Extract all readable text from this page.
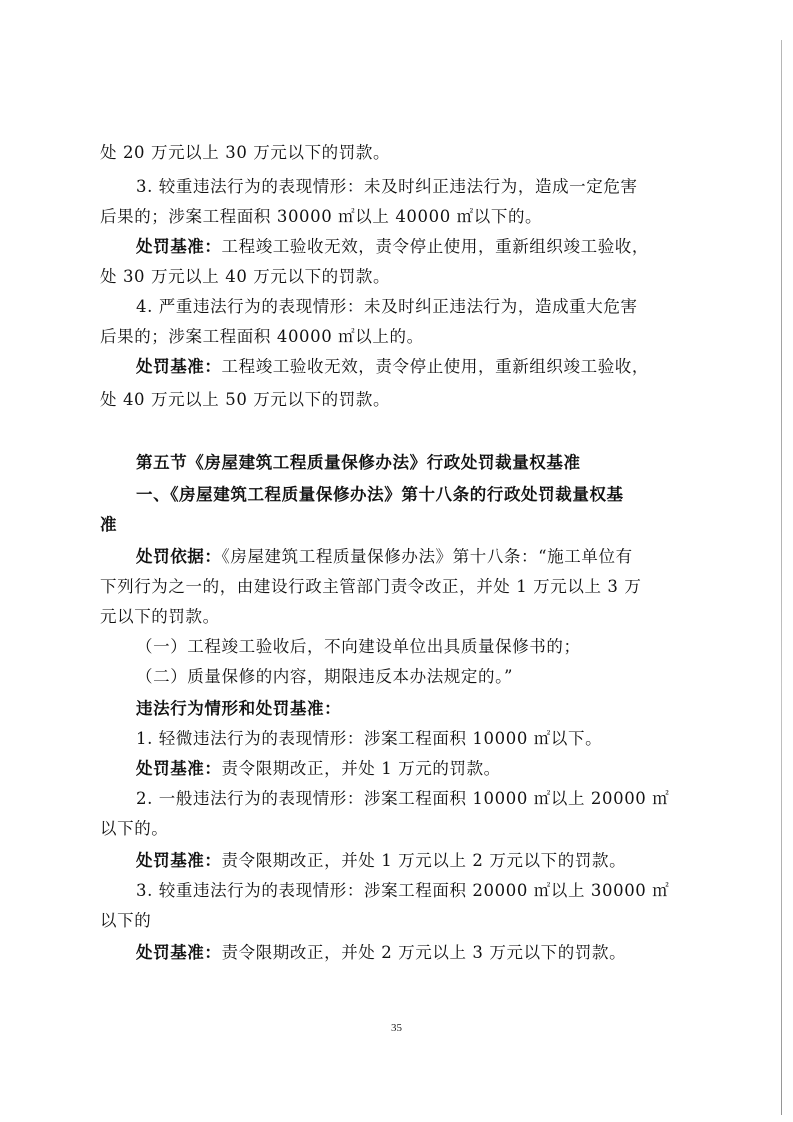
处 20 万元以上 30 万元以下的罚款。
3. 较重违法行为的表现情形：未及时纠正违法行为，造成一定危害
后果的；涉案工程面积 30000 ㎡以上 40000 ㎡以下的。
处罚基准：工程竣工验收无效，责令停止使用，重新组织竣工验收，
处 30 万元以上 40 万元以下的罚款。
4. 严重违法行为的表现情形：未及时纠正违法行为，造成重大危害
后果的；涉案工程面积 40000 ㎡以上的。
处罚基准：工程竣工验收无效，责令停止使用，重新组织竣工验收，
处 40 万元以上 50 万元以下的罚款。
第五节《房屋建筑工程质量保修办法》行政处罚裁量权基准
一、《房屋建筑工程质量保修办法》第十八条的行政处罚裁量权基
准
处罚依据：《房屋建筑工程质量保修办法》第十八条：“施工单位有
下列行为之一的，由建设行政主管部门责令改正，并处 1 万元以上 3 万
元以下的罚款。
（一）工程竣工验收后，不向建设单位出具质量保修书的；
（二）质量保修的内容，期限违反本办法规定的。”
违法行为情形和处罚基准：
1. 轻微违法行为的表现情形：涉案工程面积 10000 ㎡以下。
处罚基准：责令限期改正，并处 1 万元的罚款。
2. 一般违法行为的表现情形：涉案工程面积 10000 ㎡以上 20000 ㎡
以下的。
处罚基准：责令限期改正，并处 1 万元以上 2 万元以下的罚款。
3. 较重违法行为的表现情形：涉案工程面积 20000 ㎡以上 30000 ㎡
以下的
处罚基准：责令限期改正，并处 2 万元以上 3 万元以下的罚款。
35
